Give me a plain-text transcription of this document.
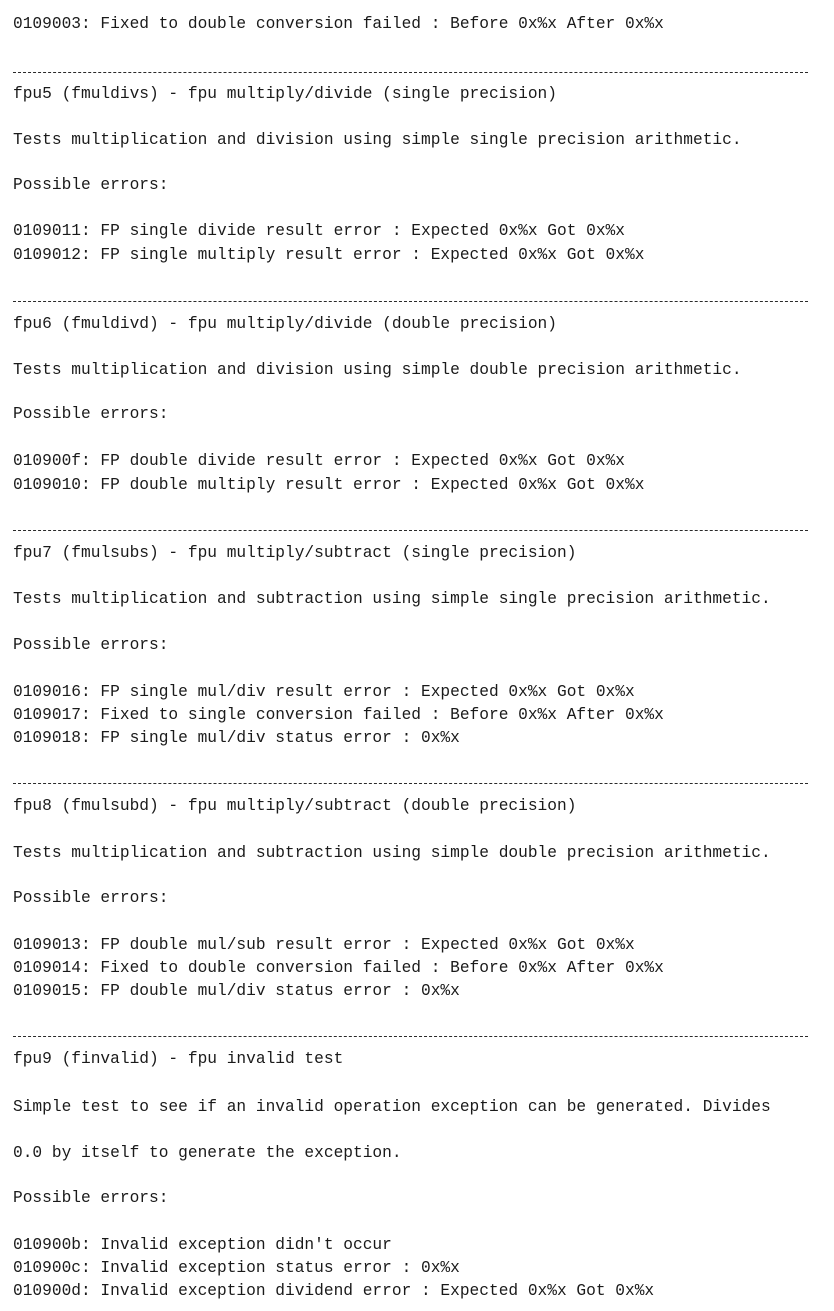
0109003: Fixed to double conversion failed : Before 0x%x After 0x%x
fpu5 (fmuldivs) - fpu multiply/divide (single precision)
Tests multiplication and division using simple single precision arithmetic.
Possible errors:
0109011: FP single divide result error : Expected 0x%x Got 0x%x
0109012: FP single multiply result error : Expected 0x%x Got 0x%x
fpu6 (fmuldivd) - fpu multiply/divide (double precision)
Tests multiplication and division using simple double precision arithmetic.
Possible errors:
010900f: FP double divide result error : Expected 0x%x Got 0x%x
0109010: FP double multiply result error : Expected 0x%x Got 0x%x
fpu7 (fmulsubs) - fpu multiply/subtract (single precision)
Tests multiplication and subtraction using simple single precision arithmetic.
Possible errors:
0109016: FP single mul/div result error : Expected 0x%x Got 0x%x
0109017: Fixed to single conversion failed : Before 0x%x After 0x%x
0109018: FP single mul/div status error : 0x%x
fpu8 (fmulsubd) - fpu multiply/subtract (double precision)
Tests multiplication and subtraction using simple double precision arithmetic.
Possible errors:
0109013: FP double mul/sub result error : Expected 0x%x Got 0x%x
0109014: Fixed to double conversion failed : Before 0x%x After 0x%x
0109015: FP double mul/div status error : 0x%x
fpu9 (finvalid) - fpu invalid test
Simple test to see if an invalid operation exception can be generated. Divides
0.0 by itself to generate the exception.
Possible errors:
010900b: Invalid exception didn't occur
010900c: Invalid exception status error : 0x%x
010900d: Invalid exception dividend error : Expected 0x%x Got 0x%x
